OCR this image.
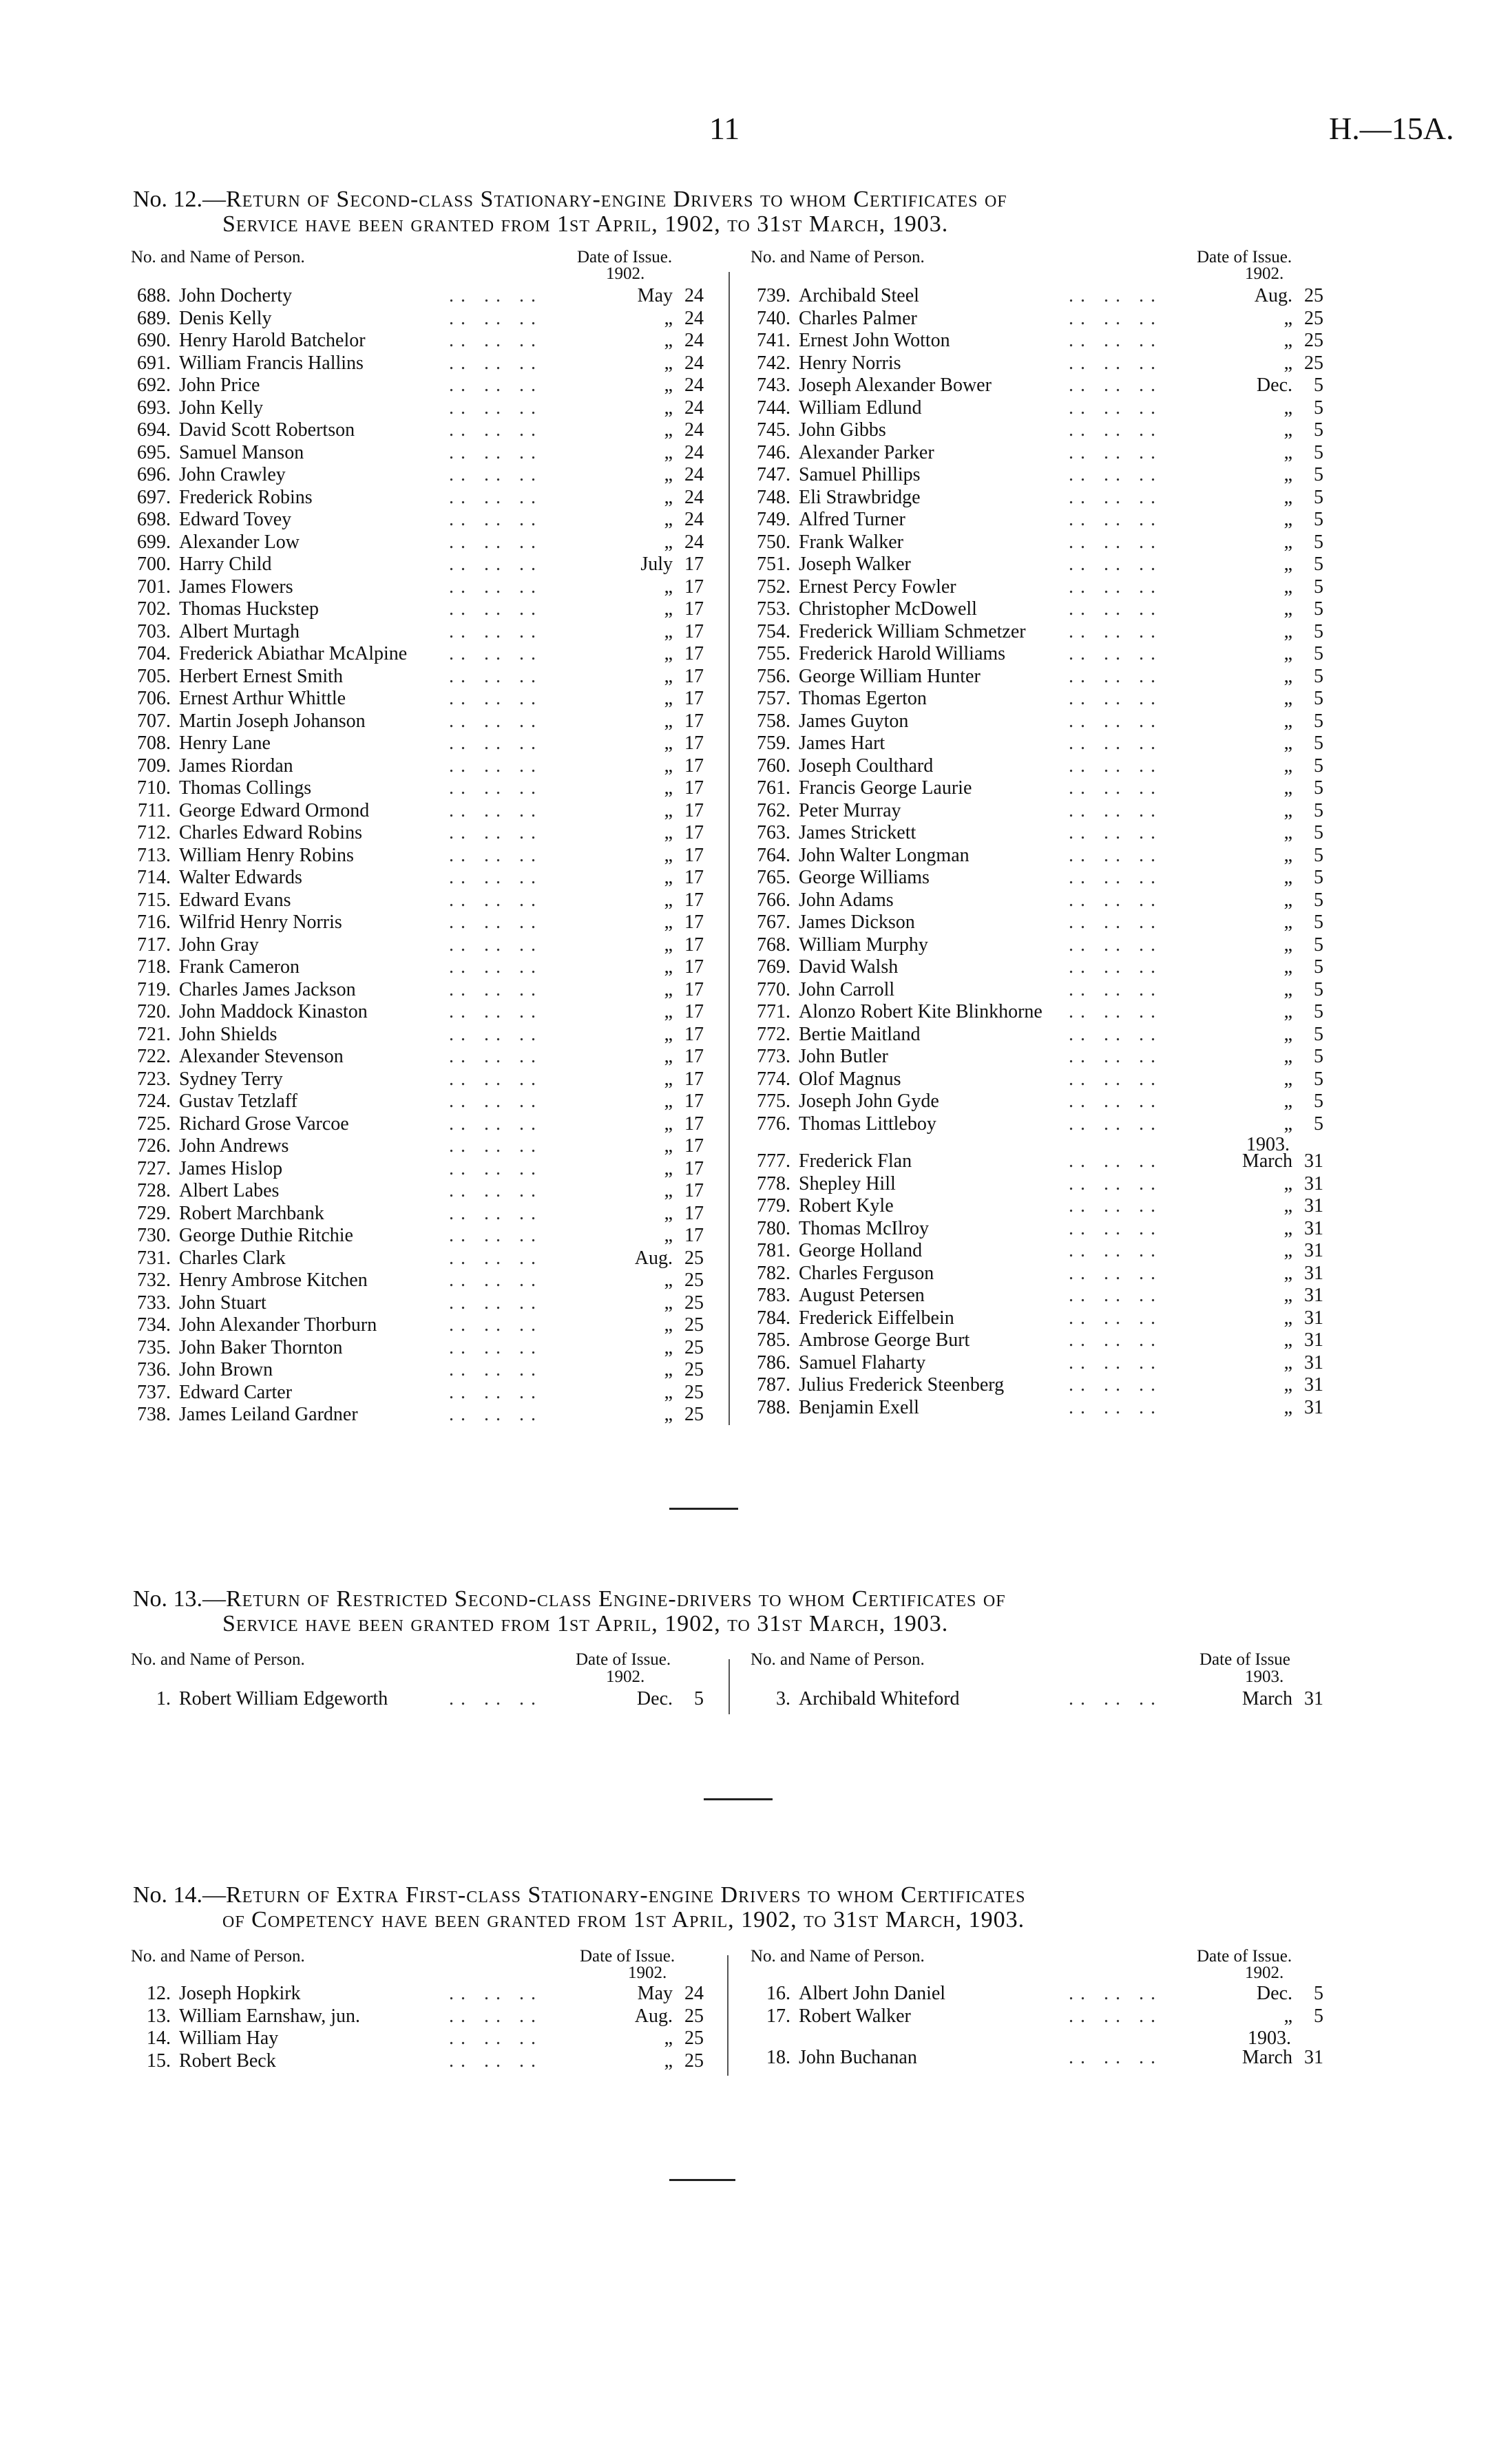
11	H.—15A.
No. 12.—Return of Second-class Stationary-engine Drivers to whom Certificates of
Service have been granted from 1st April, 1902, to 31st March, 1903.
No. and Name of Person.	Date of Issue.
1902.
No. and Name of Person.	Date of Issue.
1902.
688. John Docherty	.. .. ..	May 24
689. Denis Kelly	.. .. ..	„ 24
690. Henry Harold Batchelor	.. .. ..	„ 24
691. William Francis Hallins	.. .. ..	„ 24
692. John Price	.. .. ..	„ 24
693. John Kelly	.. .. ..	„ 24
694. David Scott Robertson	.. .. ..	„ 24
695. Samuel Manson	.. .. ..	„ 24
696. John Crawley	.. .. ..	„ 24
697. Frederick Robins	.. .. ..	„ 24
698. Edward Tovey	.. .. ..	„ 24
699. Alexander Low	.. .. ..	„ 24
700. Harry Child	.. .. ..	July 17
701. James Flowers	.. .. ..	„ 17
702. Thomas Huckstep	.. .. ..	„ 17
703. Albert Murtagh	.. .. ..	„ 17
704. Frederick Abiathar McAlpine .. .. ..	„ 17
705. Herbert Ernest Smith	.. .. ..	„ 17
706. Ernest Arthur Whittle	.. .. ..	„ 17
707. Martin Joseph Johanson	.. .. ..	„ 17
708. Henry Lane	.. .. ..	„ 17
709. James Riordan	.. .. ..	„ 17
710. Thomas Collings	.. .. ..	„ 17
711. George Edward Ormond	.. .. ..	„ 17
712. Charles Edward Robins	.. .. ..	„ 17
713. William Henry Robins	.. .. ..	„ 17
714. Walter Edwards	.. .. ..	„ 17
715. Edward Evans	.. .. ..	„ 17
716. Wilfrid Henry Norris	.. .. ..	„ 17
717. John Gray	.. .. ..	„ 17
718. Frank Cameron	.. .. ..	„ 17
719. Charles James Jackson	.. .. ..	„ 17
720. John Maddock Kinaston	.. .. ..	„ 17
721. John Shields	.. .. ..	„ 17
722. Alexander Stevenson	.. .. ..	„ 17
723. Sydney Terry	.. .. ..	„ 17
724. Gustav Tetzlaff	.. .. ..	„ 17
725. Richard Grose Varcoe	.. .. ..	„ 17
726. John Andrews	.. .. ..	„ 17
727. James Hislop	.. .. ..	„ 17
728. Albert Labes	.. .. ..	„ 17
729. Robert Marchbank	.. .. ..	„ 17
730. George Duthie Ritchie	.. .. ..	„ 17
731. Charles Clark	.. .. ..	Aug. 25
732. Henry Ambrose Kitchen	.. .. ..	„ 25
733. John Stuart	.. .. ..	„ 25
734. John Alexander Thorburn	.. .. ..	„ 25
735. John Baker Thornton	.. .. ..	„ 25
736. John Brown	.. .. ..	„ 25
737. Edward Carter	.. .. ..	„ 25
738. James Leiland Gardner	.. .. ..	„ 25
739. Archibald Steel	.. .. ..	Aug. 25
740. Charles Palmer	.. .. ..	„ 25
741. Ernest John Wotton	.. .. ..	„ 25
742. Henry Norris	.. .. ..	„ 25
743. Joseph Alexander Bower	.. .. ..	Dec. 5
744. William Edlund	.. .. ..	„ 5
745. John Gibbs	.. .. ..	„ 5
746. Alexander Parker	.. .. ..	„ 5
747. Samuel Phillips	.. .. ..	„ 5
748. Eli Strawbridge	.. .. ..	„ 5
749. Alfred Turner	.. .. ..	„ 5
750. Frank Walker	.. .. ..	„ 5
751. Joseph Walker	.. .. ..	„ 5
752. Ernest Percy Fowler	.. .. ..	„ 5
753. Christopher McDowell	.. .. ..	„ 5
754. Frederick William Schmetzer .. .. ..	„ 5
755. Frederick Harold Williams	.. .. ..	„ 5
756. George William Hunter	.. .. ..	„ 5
757. Thomas Egerton	.. .. ..	„ 5
758. James Guyton	.. .. ..	„ 5
759. James Hart	.. .. ..	„ 5
760. Joseph Coulthard	.. .. ..	„ 5
761. Francis George Laurie	.. .. ..	„ 5
762. Peter Murray	.. .. ..	„ 5
763. James Strickett	.. .. ..	„ 5
764. John Walter Longman	.. .. ..	„ 5
765. George Williams	.. .. ..	„ 5
766. John Adams	.. .. ..	„ 5
767. James Dickson	.. .. ..	„ 5
768. William Murphy	.. .. ..	„ 5
769. David Walsh	.. .. ..	„ 5
770. John Carroll	.. .. ..	„ 5
771. Alonzo Robert Kite Blinkhorne .. .. ..	„ 5
772. Bertie Maitland	.. .. ..	„ 5
773. John Butler	.. .. ..	„ 5
774. Olof Magnus	.. .. ..	„ 5
775. Joseph John Gyde	.. .. ..	„ 5
776. Thomas Littleboy	.. .. ..	„ 5
777. Frederick Flan	.. .. ..	March 31
778. Shepley Hill	.. .. ..	„ 31
779. Robert Kyle	.. .. ..	„ 31
780. Thomas McIlroy	.. .. ..	„ 31
781. George Holland	.. .. ..	„ 31
782. Charles Ferguson	.. .. ..	„ 31
783. August Petersen	.. .. ..	„ 31
784. Frederick Eiffelbein	.. .. ..	„ 31
785. Ambrose George Burt	.. .. ..	„ 31
786. Samuel Flaharty	.. .. ..	„ 31
787. Julius Frederick Steenberg	.. .. ..	„ 31
788. Benjamin Exell	.. .. ..	„ 31
1903.
No. 13.—Return of Restricted Second-class Engine-drivers to whom Certificates of
Service have been granted from 1st April, 1902, to 31st March, 1903.
No. and Name of Person.	Date of Issue.
1902.
No. and Name of Person.	Date of Issue
1903.
1. Robert William Edgeworth	.. .. ..	Dec. 5	3. Archibald Whiteford	.. .. ..	March 31
No. 14.—Return of Extra First-class Stationary-engine Drivers to whom Certificates
of Competency have been granted from 1st April, 1902, to 31st March, 1903.
No. and Name of Person.	Date of Issue.
1902.
No. and Name of Person.	Date of Issue.
1902.
12. Joseph Hopkirk	.. .. ..	May 24
13. William Earnshaw, jun.	.. .. ..	Aug. 25
14. William Hay	.. .. ..	„ 25
15. Robert Beck	.. .. ..	„ 25
16. Albert John Daniel	.. .. ..	Dec. 5
17. Robert Walker	.. .. ..	„ 5
18. John Buchanan	.. .. ..	March 31
1903.
